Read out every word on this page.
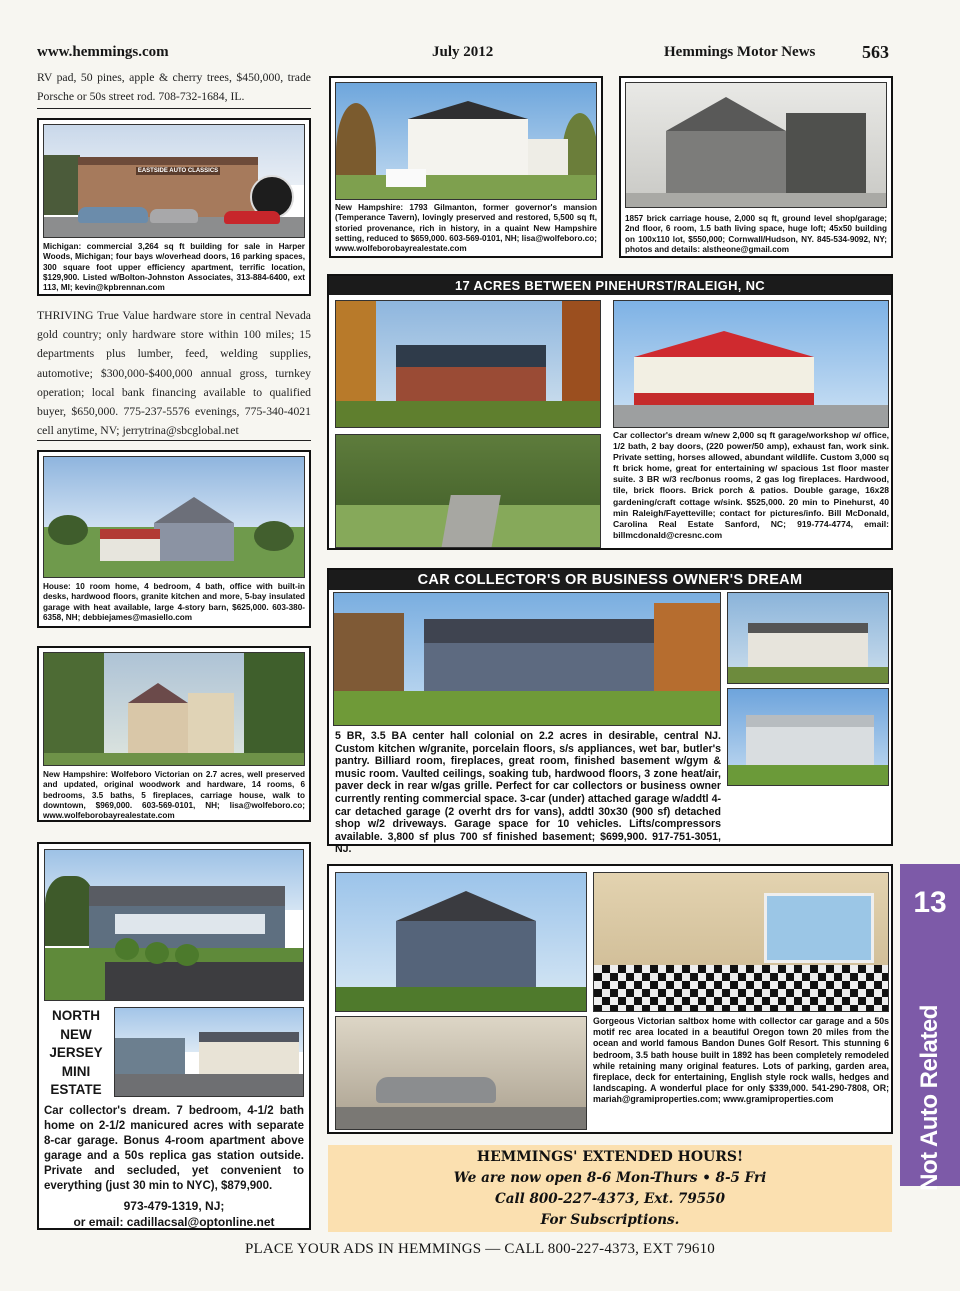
www.hemmings.com	July 2012	Hemmings Motor News	563
RV pad, 50 pines, apple & cherry trees, $450,000, trade Porsche or 50s street rod. 708-732-1684, IL.
EASTSIDE AUTO CLASSICS
Michigan: commercial 3,264 sq ft building for sale in Harper Woods, Michigan; four bays w/overhead doors, 16 parking spaces, 300 square foot upper efficiency apartment, terrific location, $129,900. Listed w/Bolton-Johnston Associates, 313-884-6400, ext 113, MI; kevin@kpbrennan.com
THRIVING True Value hardware store in central Nevada gold country; only hardware store within 100 miles; 15 departments plus lumber, feed, welding supplies, automotive; $300,000-$400,000 annual gross, turnkey operation; local bank financing available to qualified buyer, $650,000. 775-237-5576 evenings, 775-340-4021 cell anytime, NV; jerrytrina@sbcglobal.net
House: 10 room home, 4 bedroom, 4 bath, office with built-in desks, hardwood floors, granite kitchen and more, 5-bay insulated garage with heat available, large 4-story barn, $625,000. 603-380-6358, NH; debbiejames@masiello.com
New Hampshire: Wolfeboro Victorian on 2.7 acres, well preserved and updated, original woodwork and hardware, 14 rooms, 6 bedrooms, 3.5 baths, 5 fireplaces, carriage house, walk to downtown, $969,000. 603-569-0101, NH; lisa@wolfeboro.co; www.wolfeborobayrealestate.com
NORTH
NEW
JERSEY
MINI
ESTATE
Car collector's dream. 7 bedroom, 4-1/2 bath home on 2-1/2 manicured acres with separate 8-car garage. Bonus 4-room apartment above garage and a 50s replica gas station outside. Private and secluded, yet convenient to everything (just 30 min to NYC), $879,900.
973-479-1319, NJ;
or email: cadillacsal@optonline.net
New Hampshire: 1793 Gilmanton, former governor's mansion (Temperance Tavern), lovingly preserved and restored, 5,500 sq ft, storied provenance, rich in history, in a quaint New Hampshire setting, reduced to $659,000. 603-569-0101, NH; lisa@wolfeboro.co; www.wolfeborobayrealestate.com
1857 brick carriage house, 2,000 sq ft, ground level shop/garage; 2nd floor, 6 room, 1.5 bath living space, huge loft; 45x50 building on 100x110 lot, $550,000; Cornwall/Hudson, NY. 845-534-9092, NY; photos and details: alstheone@gmail.com
17 ACRES BETWEEN PINEHURST/RALEIGH, NC
Car collector's dream w/new 2,000 sq ft garage/workshop w/ office, 1/2 bath, 2 bay doors, (220 power/50 amp), exhaust fan, work sink. Private setting, horses allowed, abundant wildlife. Custom 3,000 sq ft brick home, great for entertaining w/ spacious 1st floor master suite. 3 BR w/3 rec/bonus rooms, 2 gas log fireplaces. Hardwood, tile, brick floors. Brick porch & patios. Double garage, 16x28 gardening/craft cottage w/sink. $525,000. 20 min to Pinehurst, 40 min Raleigh/Fayetteville; contact for pictures/info. Bill McDonald, Carolina Real Estate Sanford, NC; 919-774-4774, email: billmcdonald@cresnc.com
CAR COLLECTOR'S OR BUSINESS OWNER'S DREAM
5 BR, 3.5 BA center hall colonial on 2.2 acres in desirable, central NJ. Custom kitchen w/granite, porcelain floors, s/s appliances, wet bar, butler's pantry. Billiard room, fireplaces, great room, finished basement w/gym & music room. Vaulted ceilings, soaking tub, hardwood floors, 3 zone heat/air, paver deck in rear w/gas grille. Perfect for car collectors or business owner currently renting commercial space. 3-car (under) attached garage w/addtl 4-car detached garage (2 overht drs for vans), addtl 30x30 (900 sf) detached shop w/2 driveways. Garage space for 10 vehicles. Lifts/compressors available. 3,800 sf plus 700 sf finished basement; $699,900. 917-751-3051, NJ.
Gorgeous Victorian saltbox home with collector car garage and a 50s motif rec area located in a beautiful Oregon town 20 miles from the ocean and world famous Bandon Dunes Golf Resort. This stunning 6 bedroom, 3.5 bath house built in 1892 has been completely remodeled while retaining many original features. Lots of parking, garden area, fireplace, deck for entertaining, English style rock walls, hedges and landscaping. A wonderful place for only $339,000. 541-290-7808, OR; mariah@gramiproperties.com; www.gramiproperties.com
HEMMINGS' EXTENDED HOURS!
We are now open 8-6 Mon-Thurs • 8-5 Fri
Call 800-227-4373, Ext. 79550
For Subscriptions.
13
Not Auto Related
PLACE YOUR ADS IN HEMMINGS — CALL 800-227-4373, EXT 79610
